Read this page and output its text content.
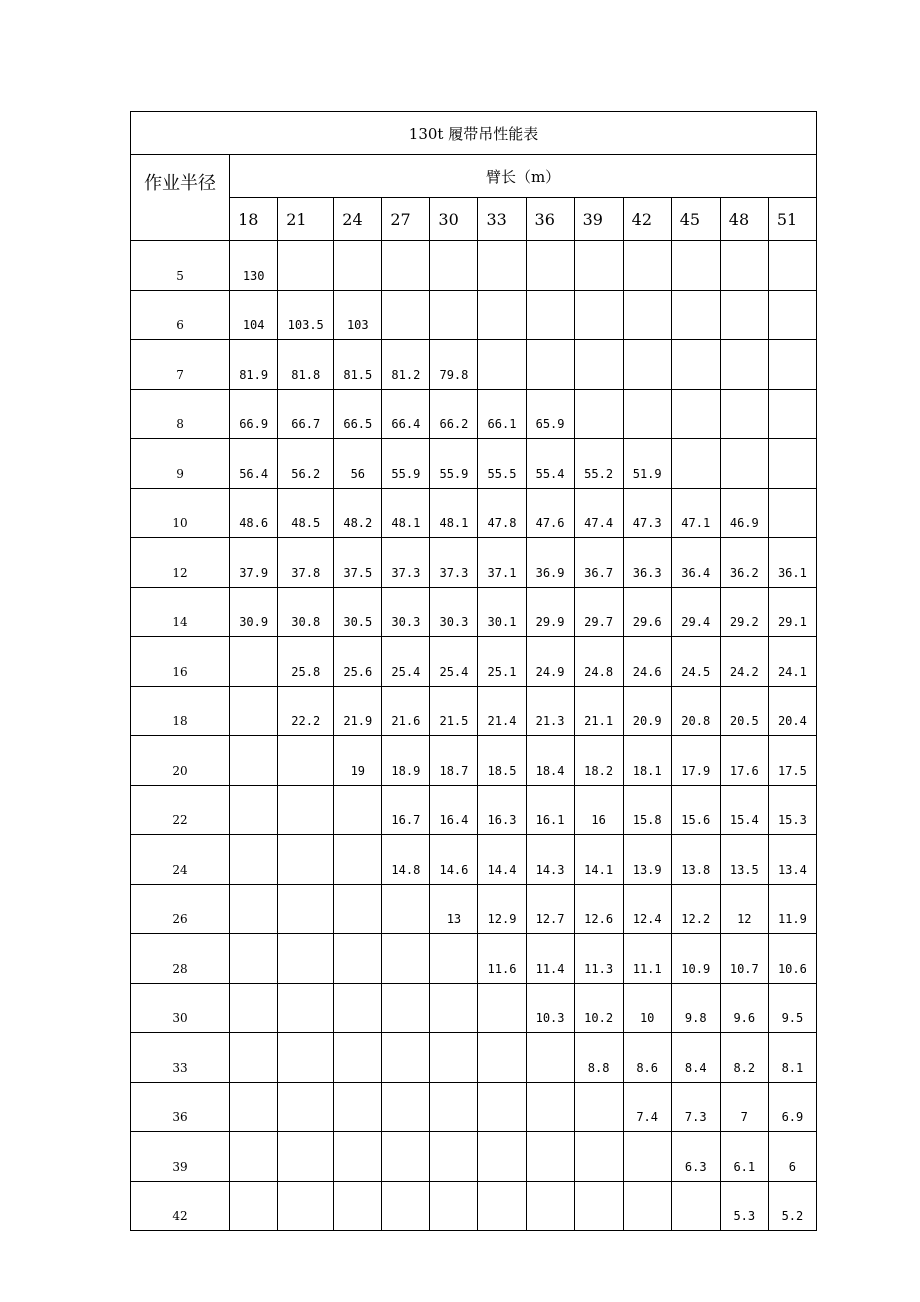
130t 履带吊性能表												
作业半径	臂长（m）											
	18	21	24	27	30	33	36	39	42	45	48	51
5	130											
6	104	103.5	103									
7	81.9	81.8	81.5	81.2	79.8							
8	66.9	66.7	66.5	66.4	66.2	66.1	65.9					
9	56.4	56.2	56	55.9	55.9	55.5	55.4	55.2	51.9			
10	48.6	48.5	48.2	48.1	48.1	47.8	47.6	47.4	47.3	47.1	46.9	
12	37.9	37.8	37.5	37.3	37.3	37.1	36.9	36.7	36.3	36.4	36.2	36.1
14	30.9	30.8	30.5	30.3	30.3	30.1	29.9	29.7	29.6	29.4	29.2	29.1
16		25.8	25.6	25.4	25.4	25.1	24.9	24.8	24.6	24.5	24.2	24.1
18		22.2	21.9	21.6	21.5	21.4	21.3	21.1	20.9	20.8	20.5	20.4
20			19	18.9	18.7	18.5	18.4	18.2	18.1	17.9	17.6	17.5
22				16.7	16.4	16.3	16.1	16	15.8	15.6	15.4	15.3
24				14.8	14.6	14.4	14.3	14.1	13.9	13.8	13.5	13.4
26					13	12.9	12.7	12.6	12.4	12.2	12	11.9
28						11.6	11.4	11.3	11.1	10.9	10.7	10.6
30							10.3	10.2	10	9.8	9.6	9.5
33								8.8	8.6	8.4	8.2	8.1
36									7.4	7.3	7	6.9
39										6.3	6.1	6
42											5.3	5.2
